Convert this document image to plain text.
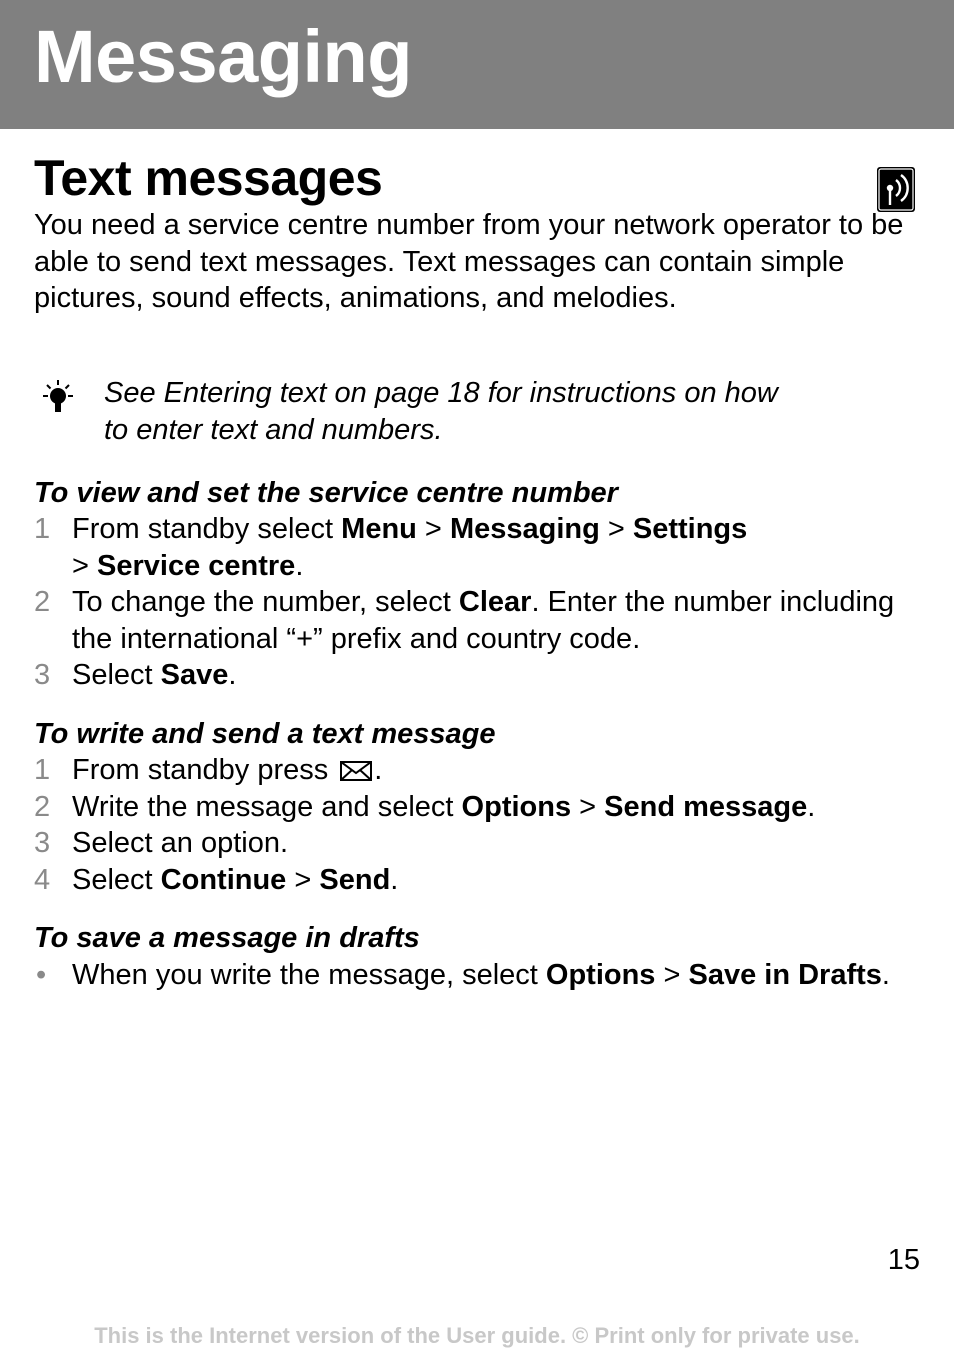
Messaging
Text messages

You need a service centre number from your network operator to be able to send text messages. Text messages can contain simple pictures, sound effects, animations, and melodies.

See Entering text on page 18 for instructions on how
to enter text and numbers.

To view and set the service centre number
1 From standby select Menu > Messaging > Settings
> Service centre.
2 To change the number, select Clear. Enter the number including the international “+” prefix and country code.
3 Select Save.
To write and send a text message
1 From standby press .
2 Write the message and select Options > Send message.
3 Select an option.
4 Select Continue > Send.
To save a message in drafts
• When you write the message, select Options > Save in Drafts.
15
This is the Internet version of the User guide. © Print only for private use.
